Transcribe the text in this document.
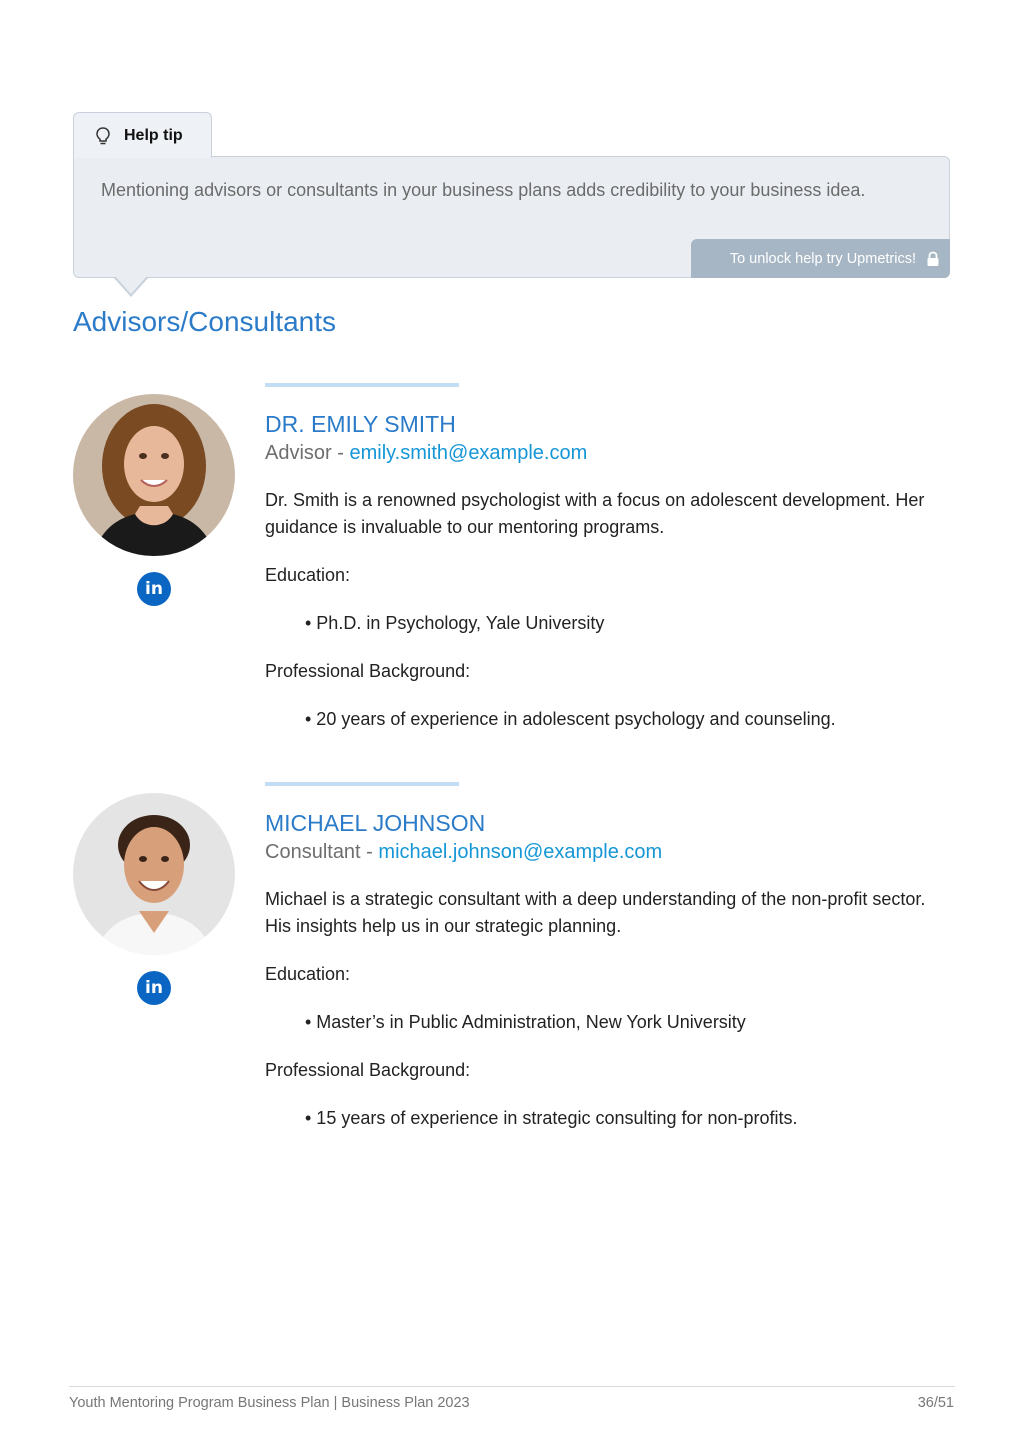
Help tip
Mentioning advisors or consultants in your business plans adds credibility to your business idea.
To unlock help try Upmetrics!
Advisors/Consultants
in
DR. EMILY SMITH
Advisor - emily.smith@example.com
Dr. Smith is a renowned psychologist with a focus on adolescent development. Her guidance is invaluable to our mentoring programs.
Education:
• Ph.D. in Psychology, Yale University
Professional Background:
• 20 years of experience in adolescent psychology and counseling.
in
MICHAEL JOHNSON
Consultant - michael.johnson@example.com
Michael is a strategic consultant with a deep understanding of the non-profit sector. His insights help us in our strategic planning.
Education:
• Master’s in Public Administration, New York University
Professional Background:
• 15 years of experience in strategic consulting for non-profits.
Youth Mentoring Program Business Plan | Business Plan 2023	36/51
